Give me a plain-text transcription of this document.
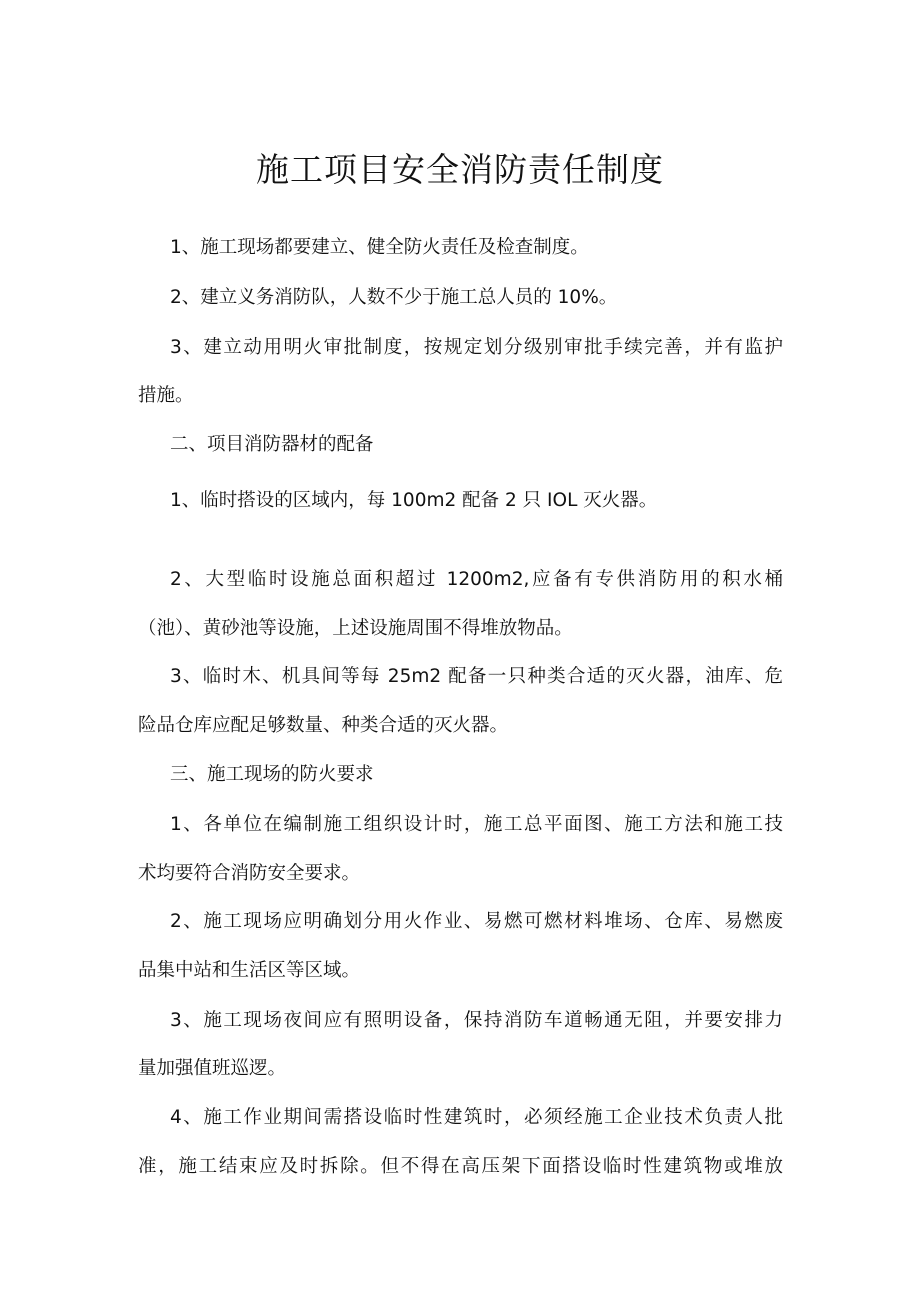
施工项目安全消防责任制度
1、施工现场都要建立、健全防火责任及检查制度。
2、建立义务消防队，人数不少于施工总人员的 10%。
3、建立动用明火审批制度，按规定划分级别审批手续完善，并有监护
措施。
二、项目消防器材的配备
1、临时搭设的区域内，每 100m2 配备 2 只 IOL 灭火器。
2、大型临时设施总面积超过 1200m2,应备有专供消防用的积水桶
（池）、黄砂池等设施，上述设施周围不得堆放物品。
3、临时木、机具间等每 25m2 配备一只种类合适的灭火器，油库、危
险品仓库应配足够数量、种类合适的灭火器。
三、施工现场的防火要求
1、各单位在编制施工组织设计时，施工总平面图、施工方法和施工技
术均要符合消防安全要求。
2、施工现场应明确划分用火作业、易燃可燃材料堆场、仓库、易燃废
品集中站和生活区等区域。
3、施工现场夜间应有照明设备，保持消防车道畅通无阻，并要安排力
量加强值班巡逻。
4、施工作业期间需搭设临时性建筑时，必须经施工企业技术负责人批
准，施工结束应及时拆除。但不得在高压架下面搭设临时性建筑物或堆放
